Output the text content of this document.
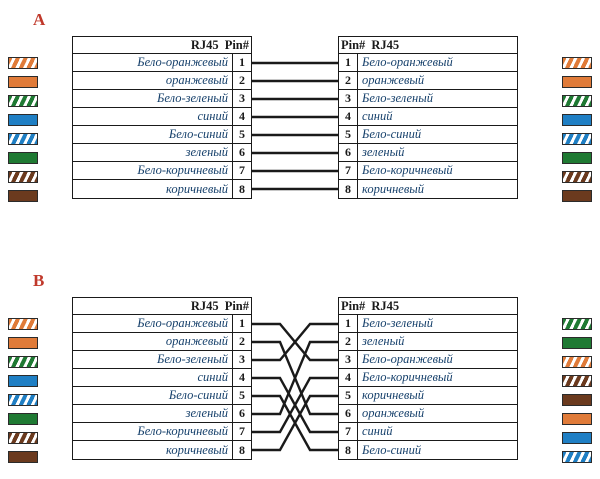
A
RJ45 Pin#
Бело-оранжевый 1
оранжевый 2
Бело-зеленый 3
синий 4
Бело-синий 5
зеленый 6
Бело-коричневый 7
коричневый 8
Pin# RJ45
1 Бело-оранжевый
2 оранжевый
3 Бело-зеленый
4 синий
5 Бело-синий
6 зеленый
7 Бело-коричневый
8 коричневый
B
RJ45 Pin#
Бело-оранжевый 1
оранжевый 2
Бело-зеленый 3
синий 4
Бело-синий 5
зеленый 6
Бело-коричневый 7
коричневый 8
Pin# RJ45
1 Бело-зеленый
2 зеленый
3 Бело-оранжевый
4 Бело-коричневый
5 коричневый
6 оранжевый
7 синий
8 Бело-синий
